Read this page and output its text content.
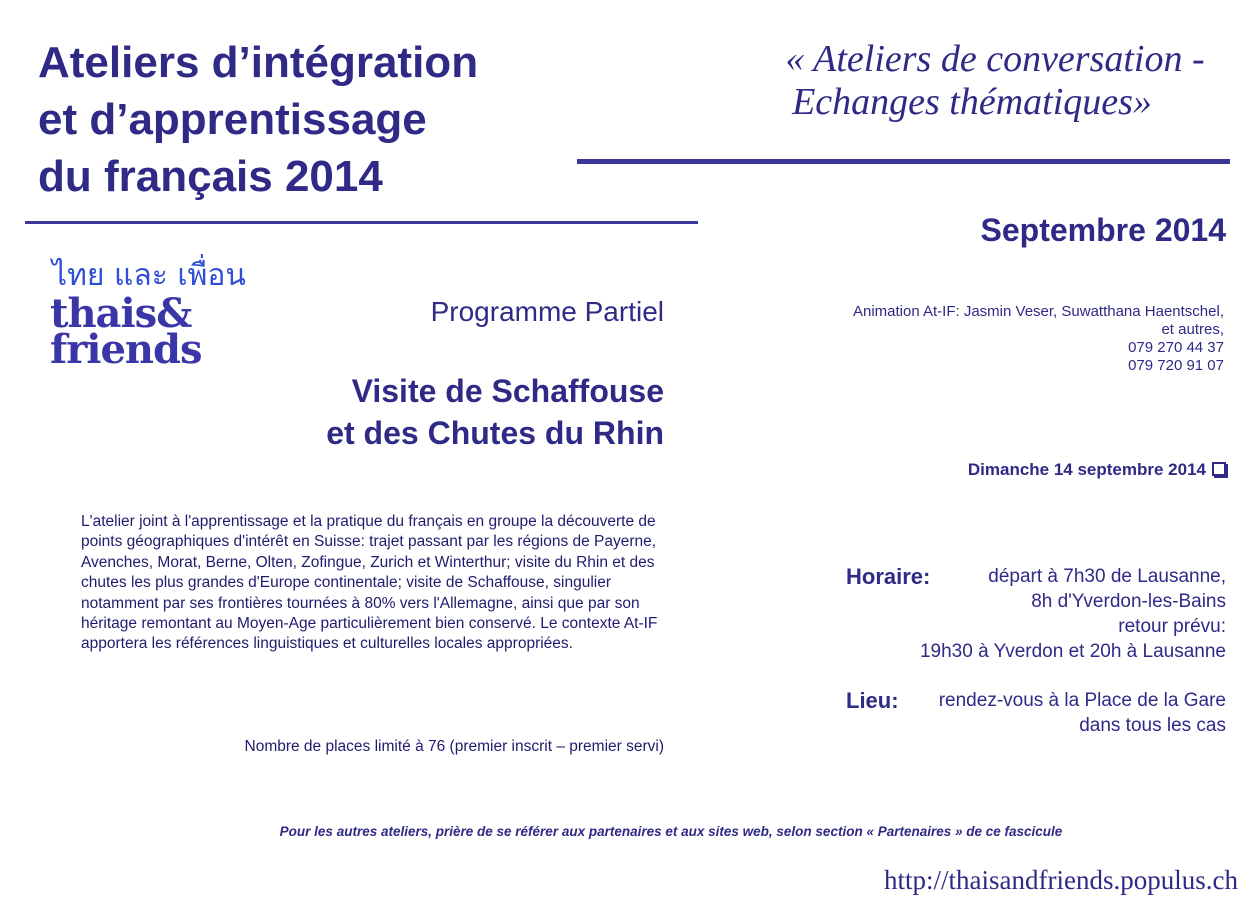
Ateliers d’intégration
et d’apprentissage
du français 2014
« Ateliers de conversation -
Echanges thématiques»
Septembre 2014
ไทย และ เพื่อน
thais&
friends
Programme Partiel
Visite de Schaffouse
et des Chutes du Rhin
Animation At-IF: Jasmin Veser, Suwatthana Haentschel,
et autres,
079 270 44 37
079 720 91 07
Dimanche 14 septembre 2014
L'atelier joint à l'apprentissage et la pratique du français en groupe la découverte de points géographiques d'intérêt en Suisse: trajet passant par les régions de Payerne, Avenches, Morat, Berne, Olten, Zofingue, Zurich et Winterthur; visite du Rhin et des chutes les plus grandes d'Europe continentale; visite de Schaffouse, singulier notamment par ses frontières tournées à 80% vers l'Allemagne, ainsi que par son héritage remontant au Moyen-Age particulièrement bien conservé. Le contexte At-IF apportera les références linguistiques et culturelles locales appropriées.
Nombre de places limité à 76 (premier inscrit – premier servi)
Horaire:	départ à 7h30 de Lausanne,
8h d'Yverdon-les-Bains
retour prévu:
19h30 à Yverdon et 20h à Lausanne
Lieu:	rendez-vous à la Place de la Gare
dans tous les cas
Pour les autres ateliers, prière de se référer aux partenaires et aux sites web, selon section « Partenaires » de ce fascicule
http://thaisandfriends.populus.ch
